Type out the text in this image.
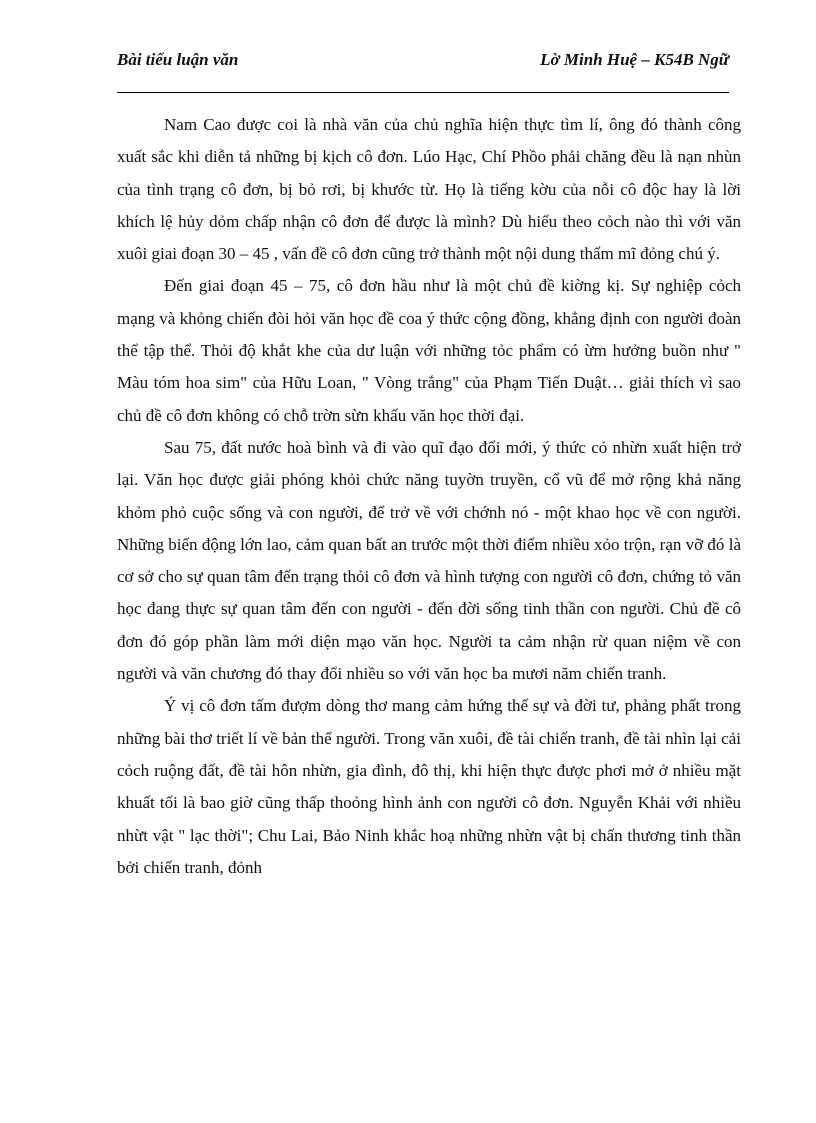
Bài tiểu luận văn	Lờ Minh Huệ – K54B Ngữ

Nam Cao được coi là nhà văn của chủ nghĩa hiện thực tìm lí, ông đó thành công xuất sắc khi diễn tả những bị kịch cô đơn. Lúo Hạc, Chí Phồo phải chăng đều là nạn nhùn của tình trạng cô đơn, bị bỏ rơi, bị khước từ. Họ là tiếng kờu của nỗi cô độc hay là lời khích lệ hủy dỏm chấp nhận cô đơn để được là mình? Dù hiểu theo cỏch nào thì với văn xuôi giai đoạn 30 – 45 , vấn đề cô đơn cũng trở thành một nội dung thẩm mĩ đỏng chú ý.

Đến giai đoạn 45 – 75, cô đơn hầu như là một chủ đề kiờng kị. Sự nghiệp cỏch mạng và khỏng chiến đòi hỏi văn học đề coa ý thức cộng đồng, khẳng định con người đoàn thể tập thể. Thỏi độ khắt khe của dư luận với những tỏc phẩm có ừm hưởng buồn như " Màu tóm hoa sim" của Hữu Loan, " Vòng trắng" của Phạm Tiến Duật… giải thích vì sao chủ đề cô đơn không có chỗ trờn sừn khấu văn học thời đại.

Sau 75, đất nước hoà bình và đi vào quĩ đạo đổi mới, ý thức cỏ nhừn xuất hiện trở lại. Văn học được giải phóng khỏi chức năng tuyờn truyền, cổ vũ để mở rộng khả năng khỏm phỏ cuộc sống và con người, để trở về với chớnh nó - một khao học về con người. Những biến động lớn lao, cảm quan bất an trước một thời điểm nhiều xỏo trộn, rạn vỡ đó là cơ sở cho sự quan tâm đến trạng thỏi cô đơn và hình tượng con người cô đơn, chứng tỏ văn học đang thực sự quan tâm đến con người - đến đời sống tinh thần con người. Chủ đề cô đơn đó góp phần làm mới diện mạo văn học. Người ta cảm nhận rừ quan niệm về con người và văn chương đó thay đổi nhiều so với văn học ba mươi năm chiến tranh.

Ý vị cô đơn tấm đượm dòng thơ mang cảm hứng thế sự và đời tư, phảng phất trong những bài thơ triết lí về bản thể người. Trong văn xuôi, đề tài chiến tranh, đề tài nhìn lại cải cỏch ruộng đất, đề tài hôn nhừn, gia đình, đô thị, khi hiện thực được phơi mở ở nhiều mặt khuất tối là bao giờ cũng thấp thoỏng hình ảnh con người cô đơn. Nguyễn Khải với nhiều nhừt vật " lạc thời"; Chu Lai, Bảo Ninh khắc hoạ những nhừn vật bị chấn thương tinh thần bởi chiến tranh, đỏnh
